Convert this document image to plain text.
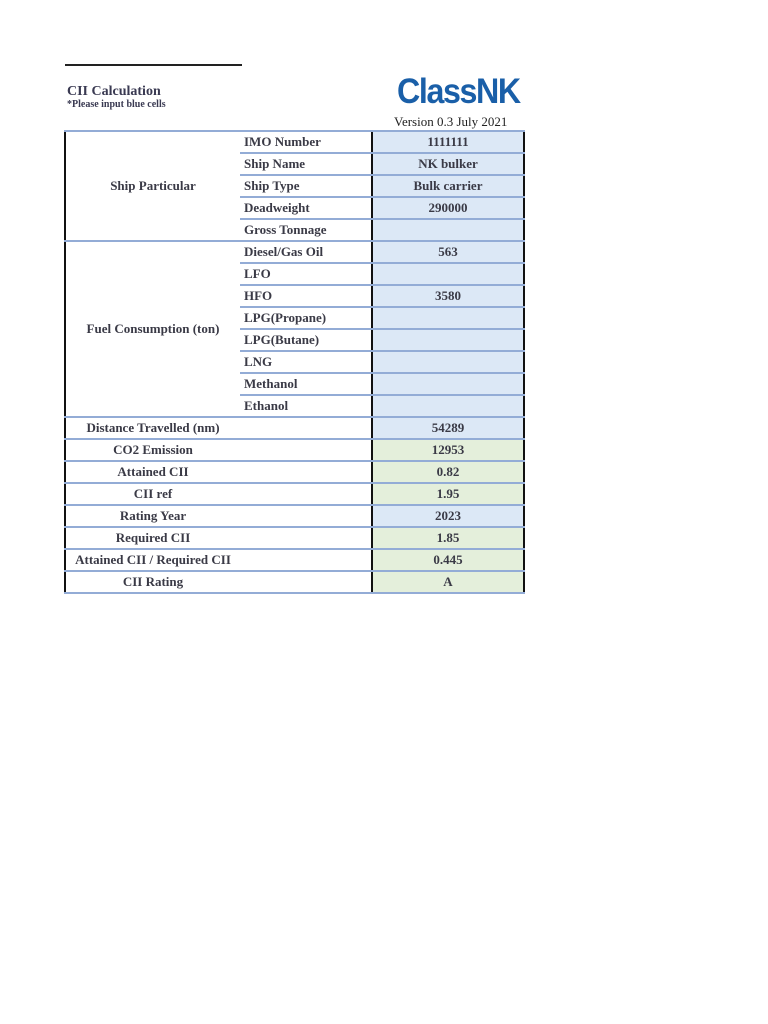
CII Calculation
*Please input blue cells	ClassNK
Version 0.3 July 2021
Ship Particular	IMO Number	1111111
	Ship Name	NK bulker
	Ship Type	Bulk carrier
	Deadweight	290000
	Gross Tonnage	
Fuel Consumption (ton)	Diesel/Gas Oil	563
	LFO	
	HFO	3580
	LPG(Propane)	
	LPG(Butane)	
	LNG	
	Methanol	
	Ethanol	
Distance Travelled (nm)		54289
CO2 Emission		12953
Attained CII		0.82
CII ref		1.95
Rating Year		2023
Required CII		1.85
Attained CII / Required CII		0.445
CII Rating		A
